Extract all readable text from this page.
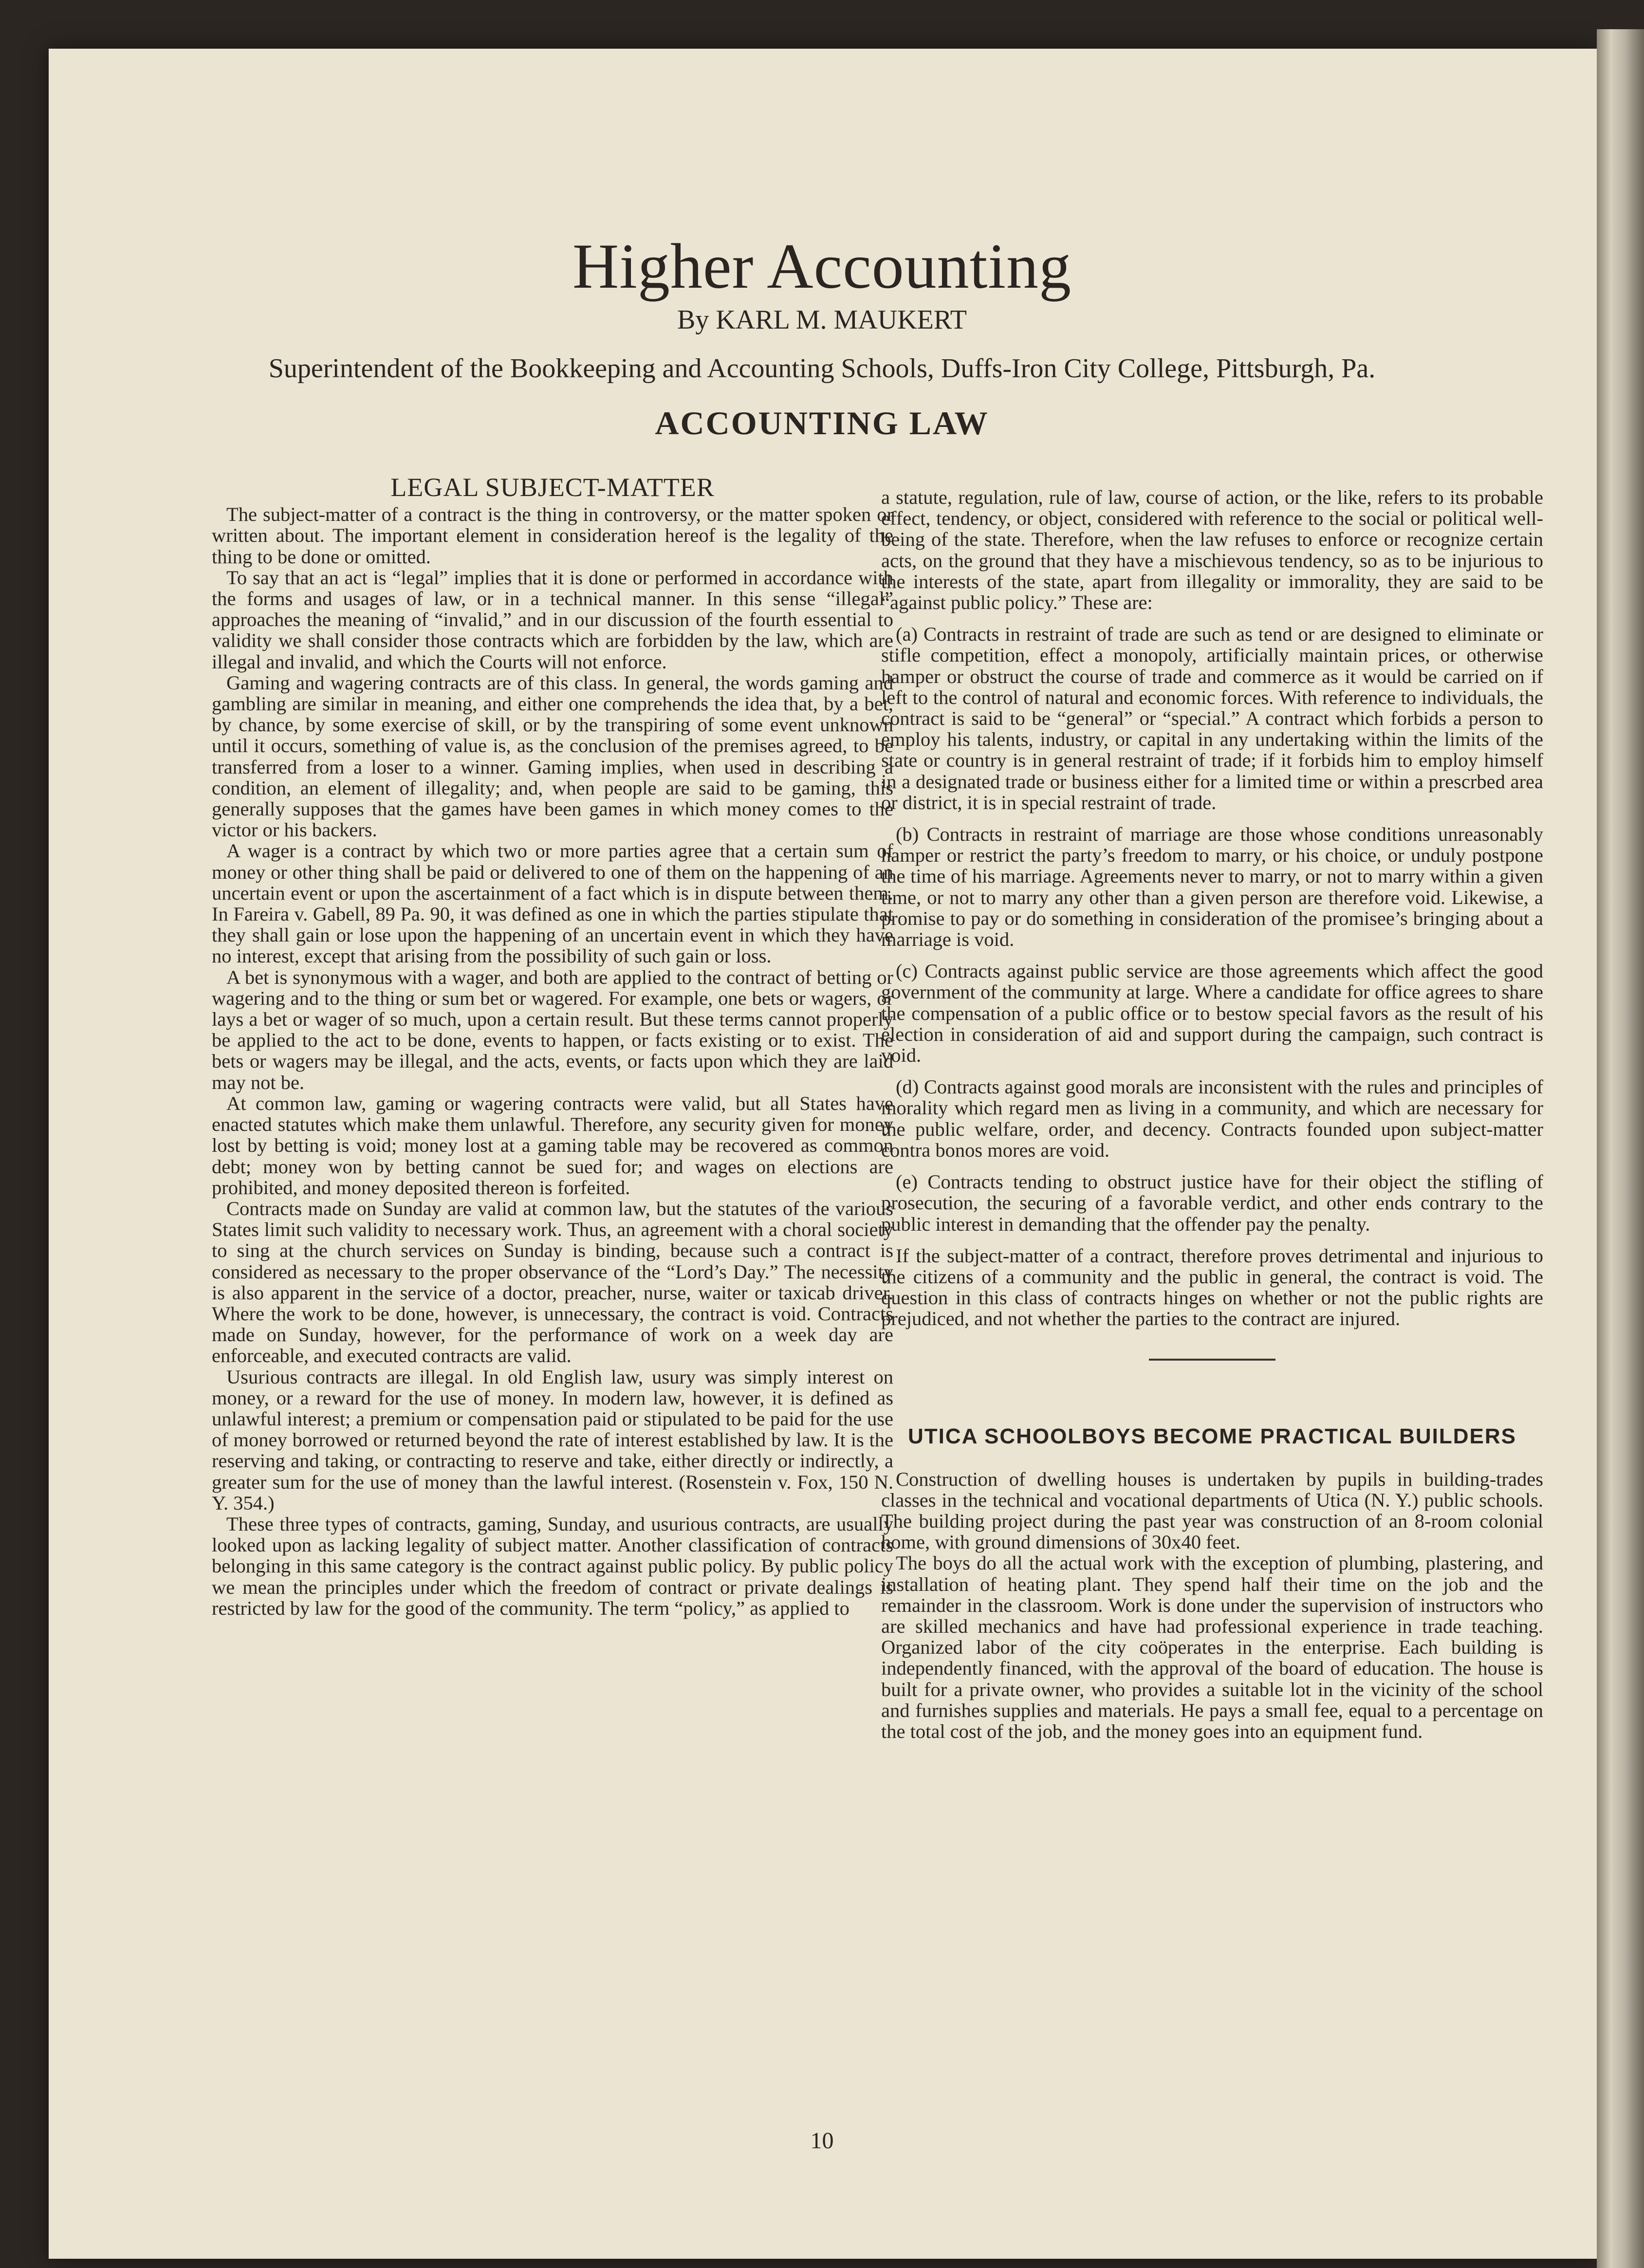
Higher Accounting

By KARL M. MAUKERT

Superintendent of the Bookkeeping and Accounting Schools, Duffs-Iron City College, Pittsburgh, Pa.

ACCOUNTING LAW
LEGAL SUBJECT-MATTER

The subject-matter of a contract is the thing in controversy, or the matter spoken or written about. The important element in consideration hereof is the legality of the thing to be done or omitted.

To say that an act is “legal” implies that it is done or performed in accordance with the forms and usages of law, or in a technical manner. In this sense “illegal” approaches the meaning of “invalid,” and in our discussion of the fourth essential to validity we shall consider those contracts which are forbidden by the law, which are illegal and invalid, and which the Courts will not enforce.

Gaming and wagering contracts are of this class. In general, the words gaming and gambling are similar in meaning, and either one comprehends the idea that, by a bet, by chance, by some exercise of skill, or by the transpiring of some event unknown until it occurs, something of value is, as the conclusion of the premises agreed, to be transferred from a loser to a winner. Gaming implies, when used in describing a condition, an element of illegality; and, when people are said to be gaming, this generally supposes that the games have been games in which money comes to the victor or his backers.

A wager is a contract by which two or more parties agree that a certain sum of money or other thing shall be paid or delivered to one of them on the happening of an uncertain event or upon the ascertainment of a fact which is in dispute between them. In Fareira v. Gabell, 89 Pa. 90, it was defined as one in which the parties stipulate that they shall gain or lose upon the happening of an uncertain event in which they have no interest, except that arising from the possibility of such gain or loss.

A bet is synonymous with a wager, and both are applied to the contract of betting or wagering and to the thing or sum bet or wagered. For example, one bets or wagers, or lays a bet or wager of so much, upon a certain result. But these terms cannot properly be applied to the act to be done, events to happen, or facts existing or to exist. The bets or wagers may be illegal, and the acts, events, or facts upon which they are laid may not be.

At common law, gaming or wagering contracts were valid, but all States have enacted statutes which make them unlawful. Therefore, any security given for money lost by betting is void; money lost at a gaming table may be recovered as common debt; money won by betting cannot be sued for; and wages on elections are prohibited, and money deposited thereon is forfeited.

Contracts made on Sunday are valid at common law, but the statutes of the various States limit such validity to necessary work. Thus, an agreement with a choral society to sing at the church services on Sunday is binding, because such a contract is considered as necessary to the proper observance of the “Lord’s Day.” The necessity is also apparent in the service of a doctor, preacher, nurse, waiter or taxicab driver. Where the work to be done, however, is unnecessary, the contract is void. Contracts made on Sunday, however, for the performance of work on a week day are enforceable, and executed contracts are valid.

Usurious contracts are illegal. In old English law, usury was simply interest on money, or a reward for the use of money. In modern law, however, it is defined as unlawful interest; a premium or compensation paid or stipulated to be paid for the use of money borrowed or returned beyond the rate of interest established by law. It is the reserving and taking, or contracting to reserve and take, either directly or indirectly, a greater sum for the use of money than the lawful interest. (Rosenstein v. Fox, 150 N. Y. 354.)

These three types of contracts, gaming, Sunday, and usurious contracts, are usually looked upon as lacking legality of subject matter. Another classification of contracts belonging in this same category is the contract against public policy. By public policy we mean the principles under which the freedom of contract or private dealings is restricted by law for the good of the community. The term “policy,” as applied to

a statute, regulation, rule of law, course of action, or the like, refers to its probable effect, tendency, or object, considered with reference to the social or political well-being of the state. Therefore, when the law refuses to enforce or recognize certain acts, on the ground that they have a mischievous tendency, so as to be injurious to the interests of the state, apart from illegality or immorality, they are said to be “against public policy.” These are:

(a) Contracts in restraint of trade are such as tend or are designed to eliminate or stifle competition, effect a monopoly, artificially maintain prices, or otherwise hamper or obstruct the course of trade and commerce as it would be carried on if left to the control of natural and economic forces. With reference to individuals, the contract is said to be “general” or “special.” A contract which forbids a person to employ his talents, industry, or capital in any undertaking within the limits of the state or country is in general restraint of trade; if it forbids him to employ himself in a designated trade or business either for a limited time or within a prescrbed area or district, it is in special restraint of trade.

(b) Contracts in restraint of marriage are those whose conditions unreasonably hamper or restrict the party’s freedom to marry, or his choice, or unduly postpone the time of his marriage. Agreements never to marry, or not to marry within a given time, or not to marry any other than a given person are therefore void. Likewise, a promise to pay or do something in consideration of the promisee’s bringing about a marriage is void.

(c) Contracts against public service are those agreements which affect the good government of the community at large. Where a candidate for office agrees to share the compensation of a public office or to bestow special favors as the result of his election in consideration of aid and support during the campaign, such contract is void.

(d) Contracts against good morals are inconsistent with the rules and principles of morality which regard men as living in a community, and which are necessary for the public welfare, order, and decency. Contracts founded upon subject-matter contra bonos mores are void.

(e) Contracts tending to obstruct justice have for their object the stifling of prosecution, the securing of a favorable verdict, and other ends contrary to the public interest in demanding that the offender pay the penalty.

If the subject-matter of a contract, therefore proves detrimental and injurious to the citizens of a community and the public in general, the contract is void. The question in this class of contracts hinges on whether or not the public rights are prejudiced, and not whether the parties to the contract are injured.

UTICA SCHOOLBOYS BECOME PRACTICAL BUILDERS

Construction of dwelling houses is undertaken by pupils in building-trades classes in the technical and vocational departments of Utica (N. Y.) public schools. The building project during the past year was construction of an 8-room colonial home, with ground dimensions of 30x40 feet.

The boys do all the actual work with the exception of plumbing, plastering, and installation of heating plant. They spend half their time on the job and the remainder in the classroom. Work is done under the supervision of instructors who are skilled mechanics and have had professional experience in trade teaching. Organized labor of the city coöperates in the enterprise. Each building is independently financed, with the approval of the board of education. The house is built for a private owner, who provides a suitable lot in the vicinity of the school and furnishes supplies and materials. He pays a small fee, equal to a percentage on the total cost of the job, and the money goes into an equipment fund.

10
